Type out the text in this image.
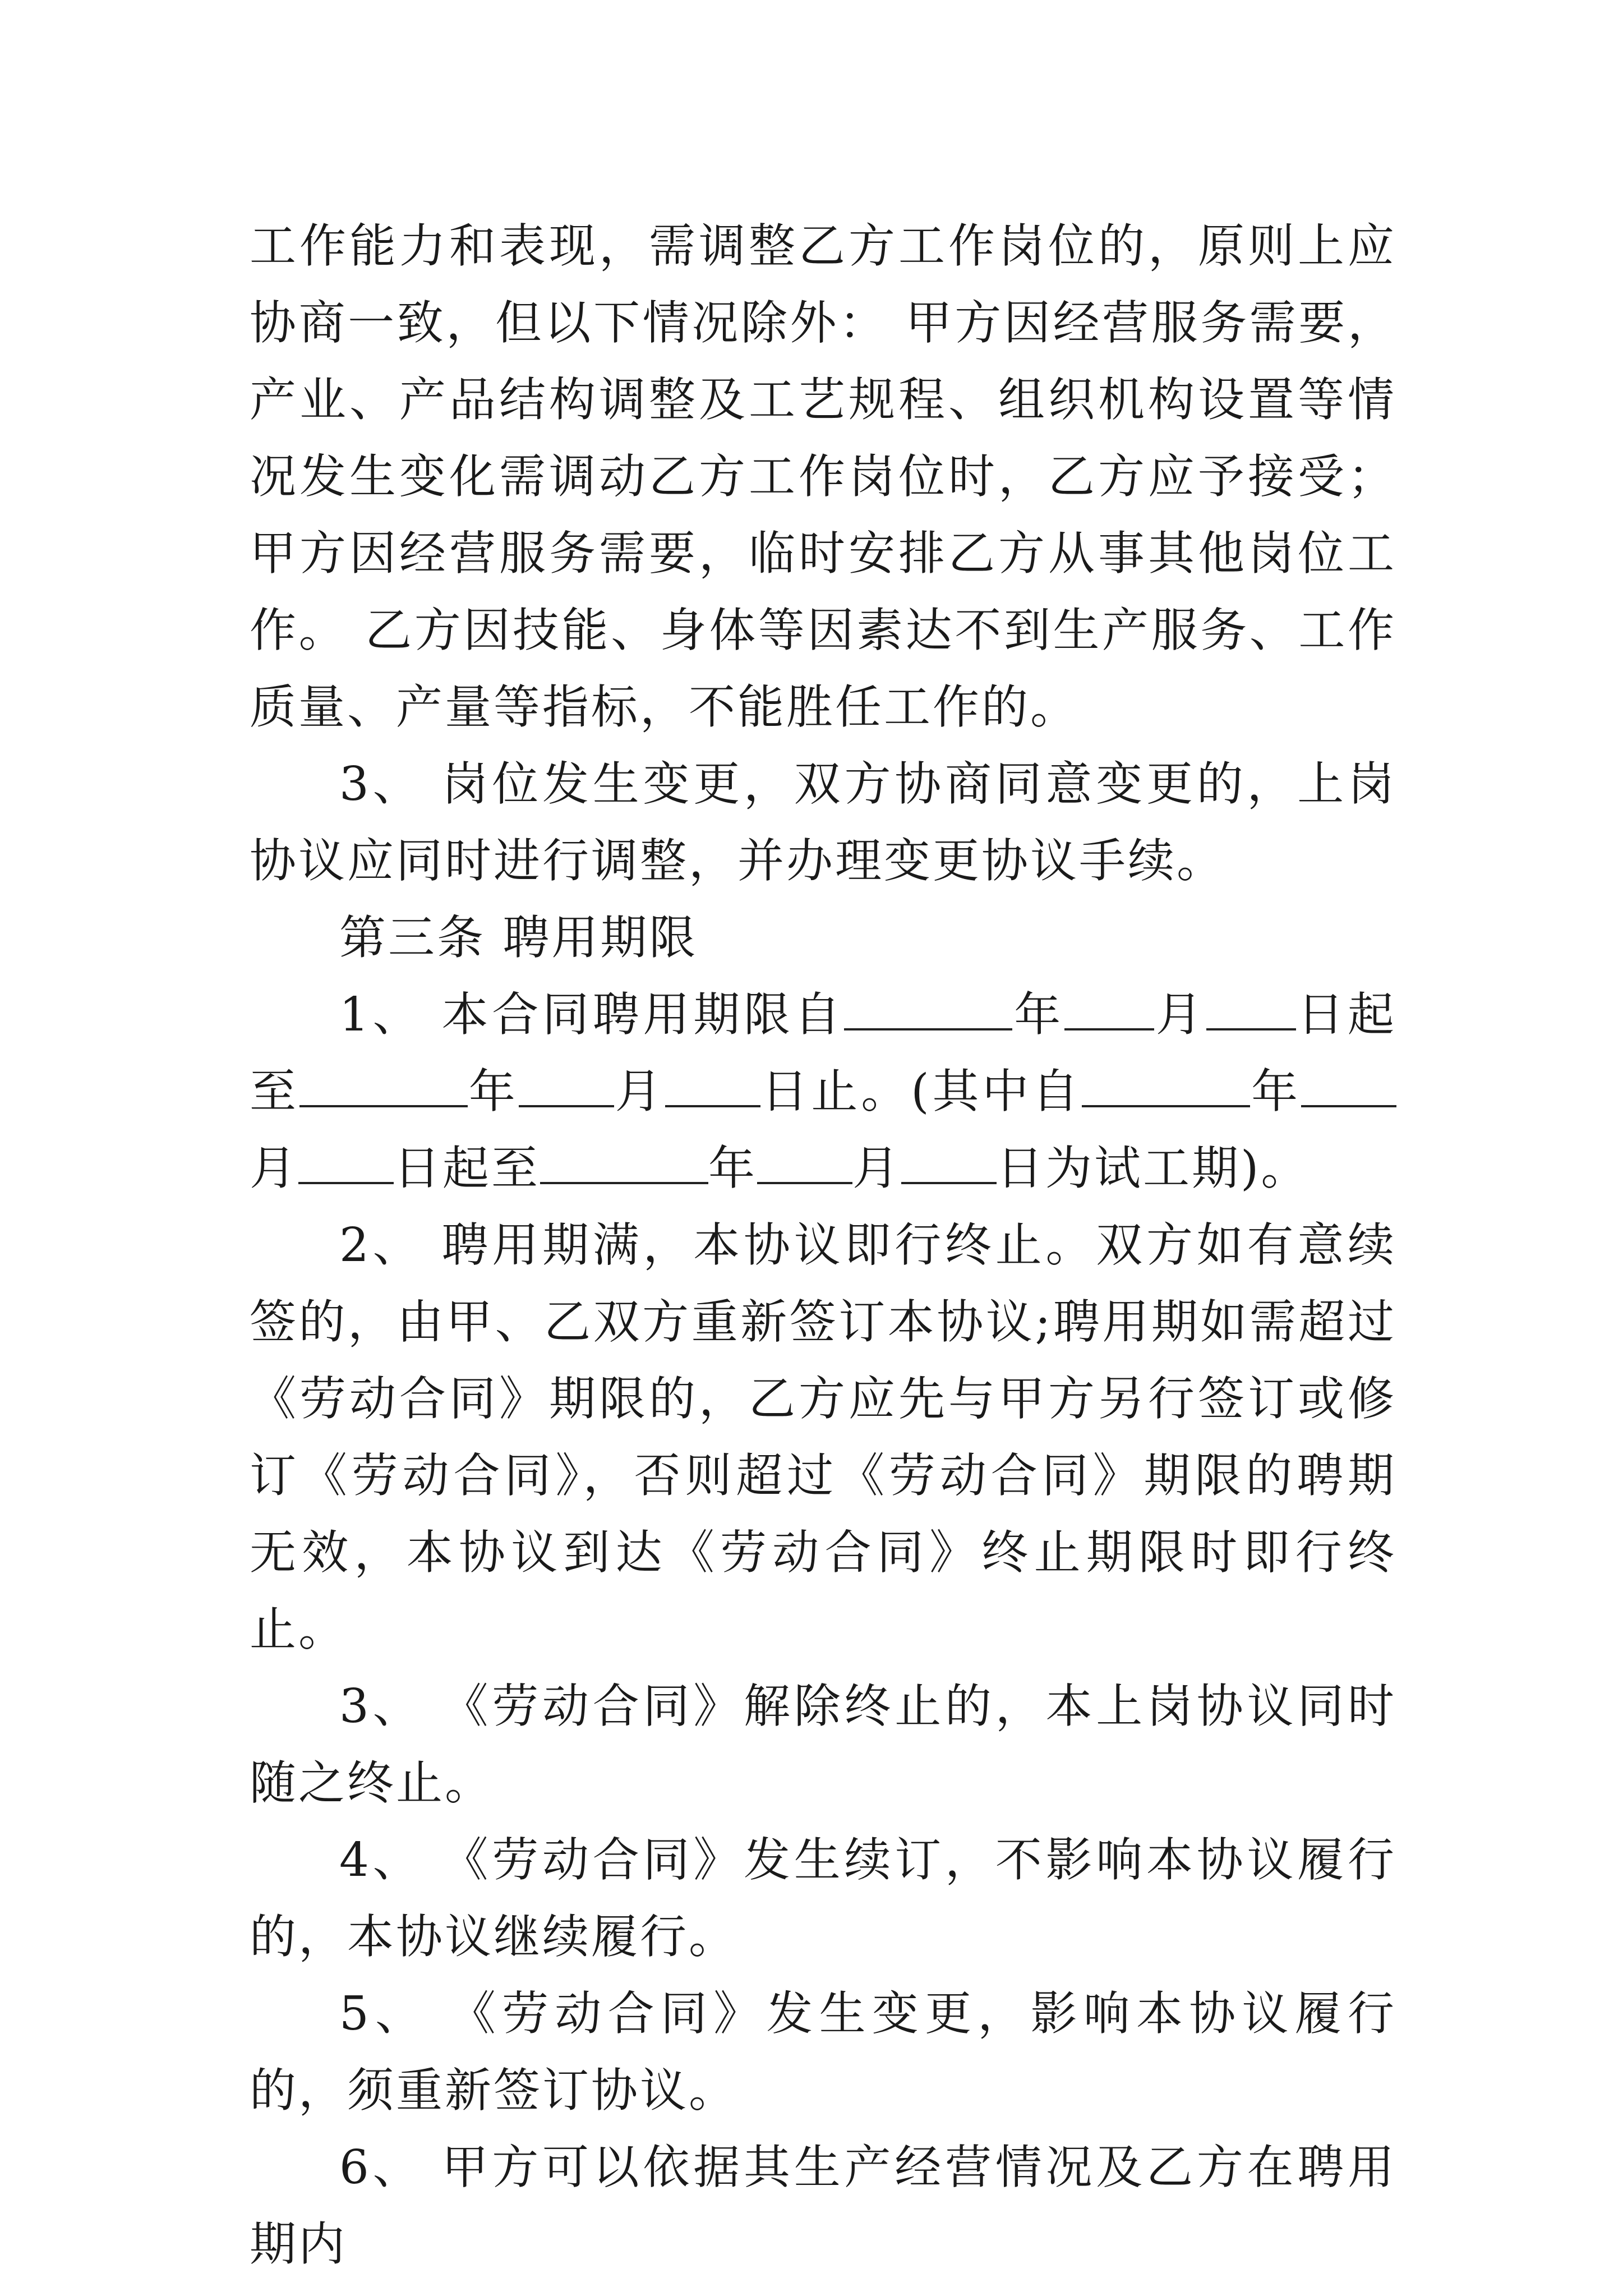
工作能力和表现，需调整乙方工作岗位的，原则上应协商一致，但以下情况除外： 甲方因经营服务需要，产业、产品结构调整及工艺规程、组织机构设置等情况发生变化需调动乙方工作岗位时，乙方应予接受；甲方因经营服务需要，临时安排乙方从事其他岗位工作。 乙方因技能、身体等因素达不到生产服务、工作质量、产量等指标，不能胜任工作的。

3、 岗位发生变更，双方协商同意变更的，上岗协议应同时进行调整，并办理变更协议手续。

第三条 聘用期限

1、 本合同聘用期限自	年 月 日起至	年 月 日止。(其中自	年月 日起至	年 月 日为试工期)。

2、 聘用期满，本协议即行终止。双方如有意续签的，由甲、乙双方重新签订本协议;聘用期如需超过《劳动合同》期限的，乙方应先与甲方另行签订或修订《劳动合同》，否则超过《劳动合同》期限的聘期无效，本协议到达《劳动合同》终止期限时即行终止。

3、 《劳动合同》解除终止的，本上岗协议同时随之终止。

4、 《劳动合同》发生续订，不影响本协议履行的，本协议继续履行。

5、 《劳动合同》发生变更，影响本协议履行的，须重新签订协议。

6、 甲方可以依据其生产经营情况及乙方在聘用期内
